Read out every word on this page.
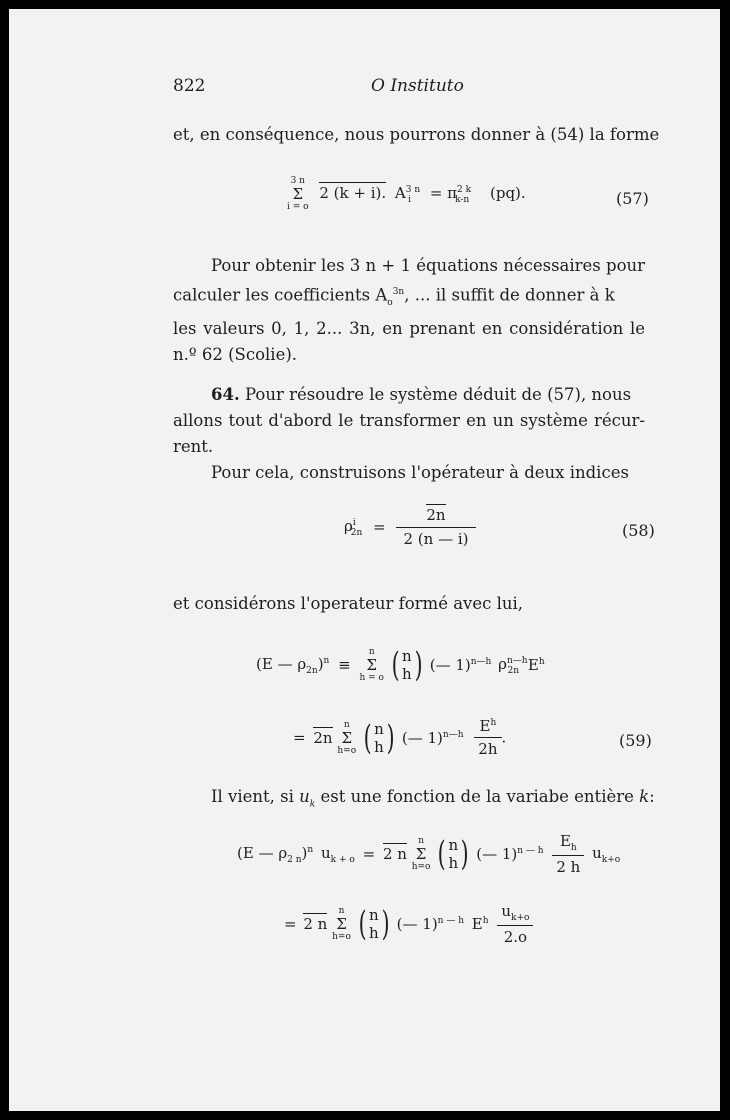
822	O Instituto
et, en conséquence, nous pourrons donner à (54) la forme
3 n
Σ
i = o
2 (k + i). $A^{3 n}_i = \pi^{2 k}_{k-n}$ (pq).	(57)
Pour obtenir les 3 n + 1 équations nécessaires pour
calculer les coefficients $A_o^{3n}$, ... il suffit de donner à k
les valeurs 0, 1, 2... 3n, en prenant en considération le
n.º 62 (Scolie).
64. Pour résoudre le système déduit de (57), nous
allons tout d'abord le transformer en un système récur-
rent.
Pour cela, construisons l'opérateur à deux indices
$\rho^i_{2n} = \frac{2n}{2 (n — i)}$	(58)
et considérons l'operateur formé avec lui,
(E — $\rho_{2n})^n$ ≡
n
Σ
h = o ( n
h ) (— 1)$^{n—h}$ $\rho^{n—h}_{2n}$ $E^h$
= 2n
n
Σ
h=o ( n
h ) (— $1)^{n—h} \frac{E^h}{2h}$ .	(59)
Il vient, si $u_k$ est une fonction de la variabe entière k:
(E — $\rho_{2 n})^n$ $u_{k + o} = 2$ n
n
Σ
h=o ( n
h ) (— $1)^{n — h} \frac{E_h}{2 h} u_{k+o}$
= 2 n
n
Σ
h=o ( n
h ) (— 1)$^{n — h}$ $E^h \frac{u_{k+o}}{2.o}$
